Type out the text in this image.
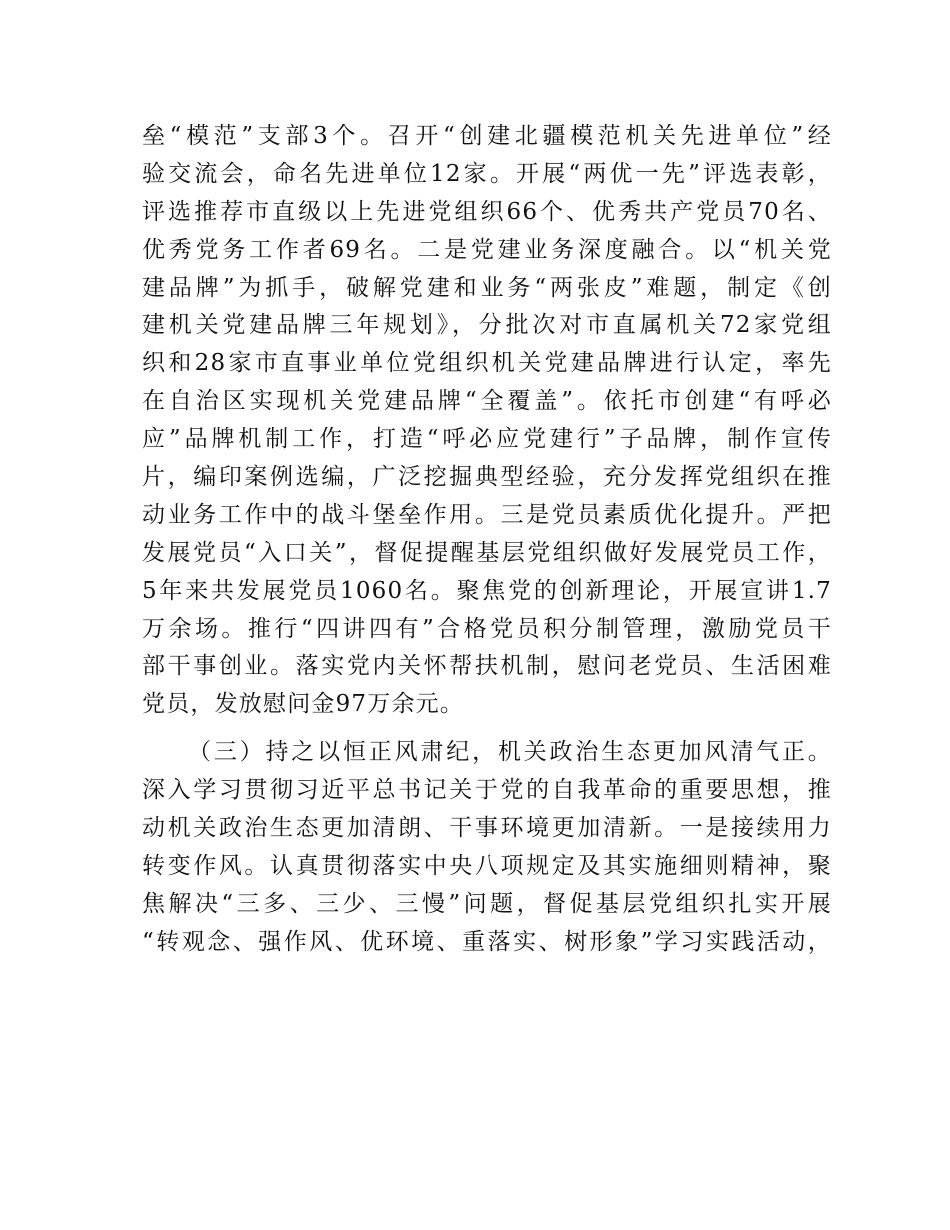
垒“模范”支部3个。召开“创建北疆模范机关先进单位”经
验交流会，命名先进单位12家。开展“两优一先”评选表彰，
评选推荐市直级以上先进党组织66个、优秀共产党员70名、
优秀党务工作者69名。二是党建业务深度融合。以“机关党
建品牌”为抓手，破解党建和业务“两张皮”难题，制定《创
建机关党建品牌三年规划》，分批次对市直属机关72家党组
织和28家市直事业单位党组织机关党建品牌进行认定，率先
在自治区实现机关党建品牌“全覆盖”。依托市创建“有呼必
应”品牌机制工作，打造“呼必应党建行”子品牌，制作宣传
片，编印案例选编，广泛挖掘典型经验，充分发挥党组织在推
动业务工作中的战斗堡垒作用。三是党员素质优化提升。严把
发展党员“入口关”，督促提醒基层党组织做好发展党员工作，
5年来共发展党员1060名。聚焦党的创新理论，开展宣讲1.7
万余场。推行“四讲四有”合格党员积分制管理，激励党员干
部干事创业。落实党内关怀帮扶机制，慰问老党员、生活困难
党员，发放慰问金97万余元。
（三）持之以恒正风肃纪，机关政治生态更加风清气正。
深入学习贯彻习近平总书记关于党的自我革命的重要思想，推
动机关政治生态更加清朗、干事环境更加清新。一是接续用力
转变作风。认真贯彻落实中央八项规定及其实施细则精神，聚
焦解决“三多、三少、三慢”问题，督促基层党组织扎实开展
“转观念、强作风、优环境、重落实、树形象”学习实践活动，
